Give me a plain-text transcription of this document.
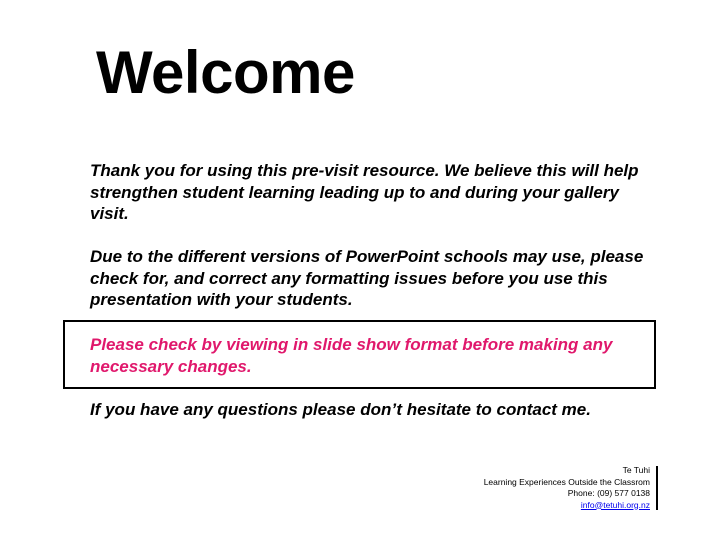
Welcome

Thank you for using this pre-visit resource. We believe this will help strengthen student learning leading up to and during your gallery visit.

Due to the different versions of PowerPoint schools may use, please check for, and correct any formatting issues before you use this presentation with your students.

Please check by viewing in slide show format before making any necessary changes.

If you have any questions please don’t hesitate to contact me.

Te Tuhi
Learning Experiences Outside the Classrom
Phone: (09) 577 0138
info@tetuhi.org.nz
